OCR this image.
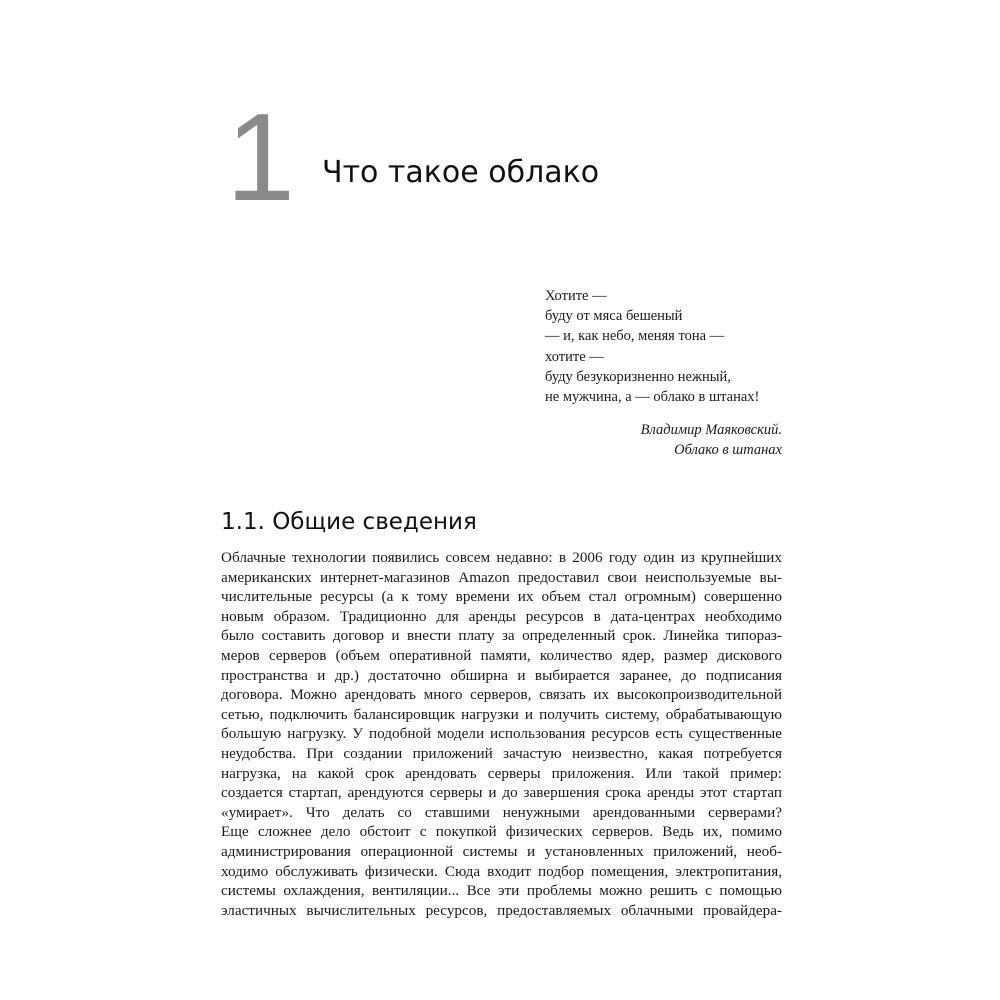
1 Что такое облако
Хотите —
буду от мяса бешеный
— и, как небо, меняя тона —
хотите —
буду безукоризненно нежный,
не мужчина, а — облако в штанах!
Владимир Маяковский.
Облако в штанах
1.1. Общие сведения
Облачные технологии появились совсем недавно: в 2006 году один из крупнейших
американских интернет-магазинов Amazon предоставил свои неиспользуемые вы-
числительные ресурсы (а к тому времени их объем стал огромным) совершенно
новым образом. Традиционно для аренды ресурсов в дата-центрах необходимо
было составить договор и внести плату за определенный срок. Линейка типораз-
меров серверов (объем оперативной памяти, количество ядер, размер дискового
пространства и др.) достаточно обширна и выбирается заранее, до подписания
договора. Можно арендовать много серверов, связать их высокопроизводительной
сетью, подключить балансировщик нагрузки и получить систему, обрабатывающую
большую нагрузку. У подобной модели использования ресурсов есть существенные
неудобства. При создании приложений зачастую неизвестно, какая потребуется
нагрузка, на какой срок арендовать серверы приложения. Или такой пример:
создается стартап, арендуются серверы и до завершения срока аренды этот стартап
«умирает». Что делать со ставшими ненужными арендованными серверами?
Еще сложнее дело обстоит с покупкой физических серверов. Ведь их, помимо
администрирования операционной системы и установленных приложений, необ-
ходимо обслуживать физически. Сюда входит подбор помещения, электропитания,
системы охлаждения, вентиляции... Все эти проблемы можно решить с помощью
эластичных вычислительных ресурсов, предоставляемых облачными провайдера-
